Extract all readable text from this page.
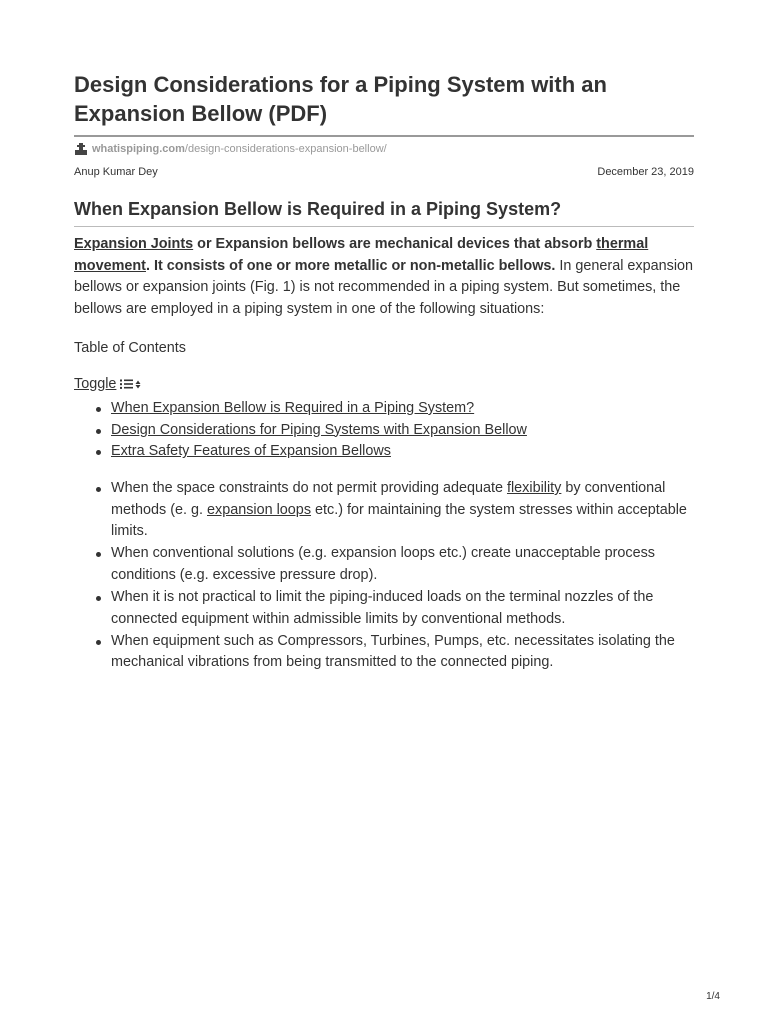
Design Considerations for a Piping System with an Expansion Bellow (PDF)
whatispiping.com /design-considerations-expansion-bellow/
Anup Kumar Dey	December 23, 2019
When Expansion Bellow is Required in a Piping System?

Expansion Joints or Expansion bellows are mechanical devices that absorb thermal movement. It consists of one or more metallic or non-metallic bellows. In general expansion bellows or expansion joints (Fig. 1) is not recommended in a piping system. But sometimes, the bellows are employed in a piping system in one of the following situations:

Table of Contents
Toggle
When Expansion Bellow is Required in a Piping System?
Design Considerations for Piping Systems with Expansion Bellow
Extra Safety Features of Expansion Bellows
When the space constraints do not permit providing adequate flexibility by conventional methods (e. g. expansion loops etc.) for maintaining the system stresses within acceptable limits.
When conventional solutions (e.g. expansion loops etc.) create unacceptable process conditions (e.g. excessive pressure drop).
When it is not practical to limit the piping-induced loads on the terminal nozzles of the connected equipment within admissible limits by conventional methods.
When equipment such as Compressors, Turbines, Pumps, etc. necessitates isolating the mechanical vibrations from being transmitted to the connected piping.
1/4
